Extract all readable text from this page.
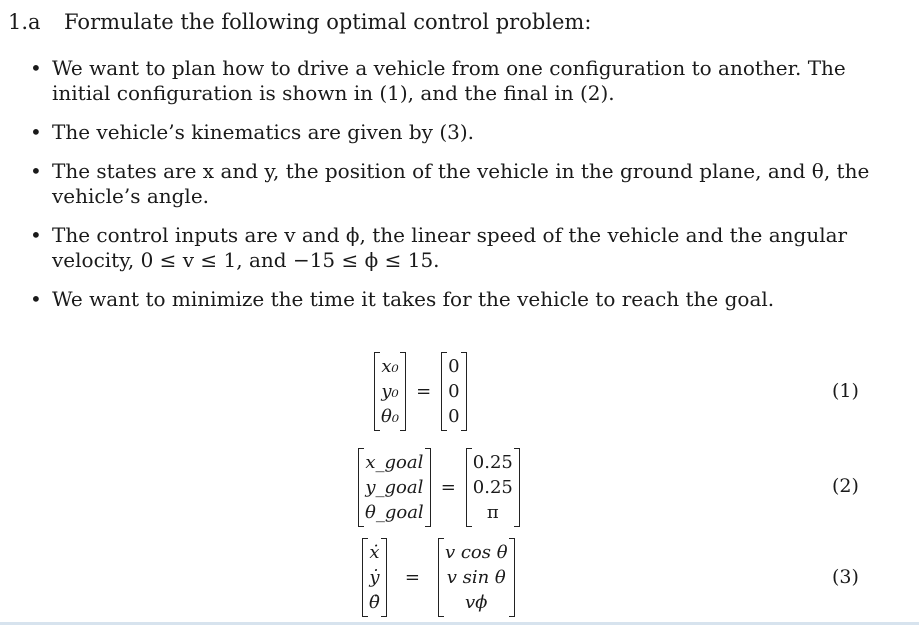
1.a Formulate the following optimal control problem:
• We want to plan how to drive a vehicle from one configuration to another. The initial configuration is shown in (1), and the final in (2).
• The vehicle’s kinematics are given by (3).
• The states are x and y, the position of the vehicle in the ground plane, and θ, the vehicle’s angle.
• The control inputs are v and ϕ, the linear speed of the vehicle and the angular velocity, 0 ≤ v ≤ 1, and −15 ≤ ϕ ≤ 15.
• We want to minimize the time it takes for the vehicle to reach the goal.
x₀
y₀
θ₀
=
0
0
0
(1)
x_goal
y_goal
θ_goal
=
0.25
0.25
π
(2)
ẋ
ẏ
θ̇
=
v cos θ
v sin θ
vϕ
(3)
